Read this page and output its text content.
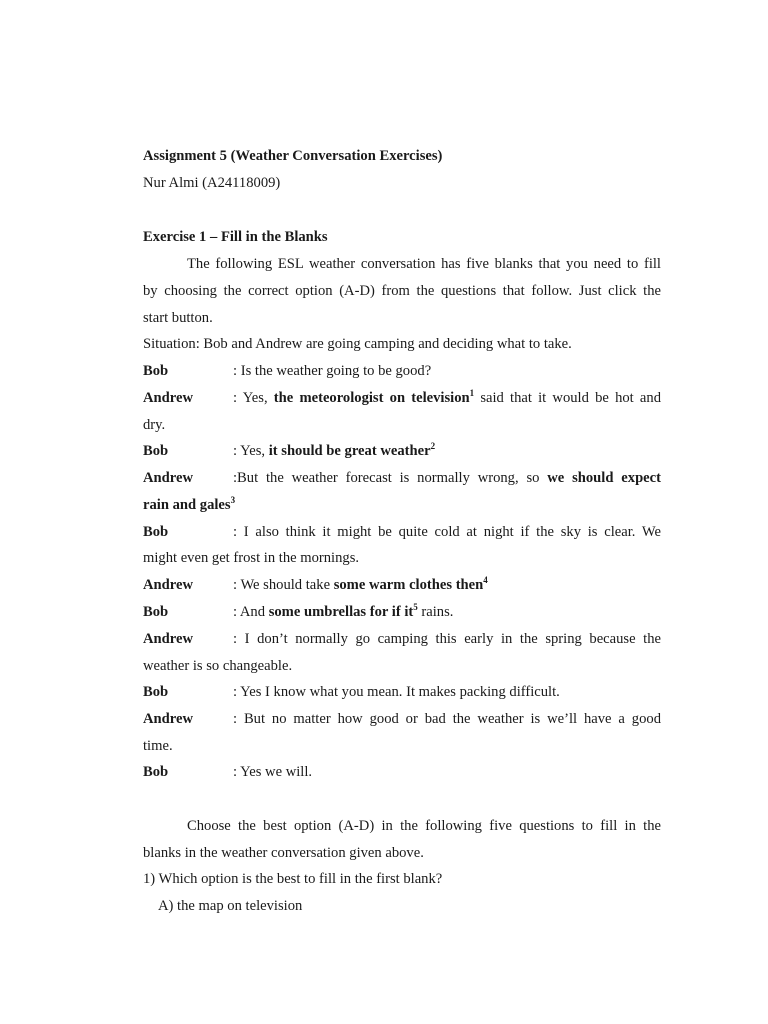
Assignment 5 (Weather Conversation Exercises)
Nur Almi (A24118009)
Exercise 1 – Fill in the Blanks
The following ESL weather conversation has five blanks that you need to fill
by choosing the correct option (A-D) from the questions that follow. Just click the
start button.
Situation: Bob and Andrew are going camping and deciding what to take.
Bob	: Is the weather going to be good?
Andrew	: Yes, the meteorologist on television$^1$ said that it would be hot and
dry.
Bob	: Yes, it should be great weather$^2$
Andrew	:But the weather forecast is normally wrong, so we should expect
rain and gales$^3$
Bob	: I also think it might be quite cold at night if the sky is clear. We
might even get frost in the mornings.
Andrew	: We should take some warm clothes then$^4$
Bob	: And some umbrellas for if $it^5$ rains.
Andrew	: I don’t normally go camping this early in the spring because the
weather is so changeable.
Bob	: Yes I know what you mean. It makes packing difficult.
Andrew	: But no matter how good or bad the weather is we’ll have a good
time.
Bob	: Yes we will.
Choose the best option (A-D) in the following five questions to fill in the
blanks in the weather conversation given above.
1) Which option is the best to fill in the first blank?
A) the map on television
